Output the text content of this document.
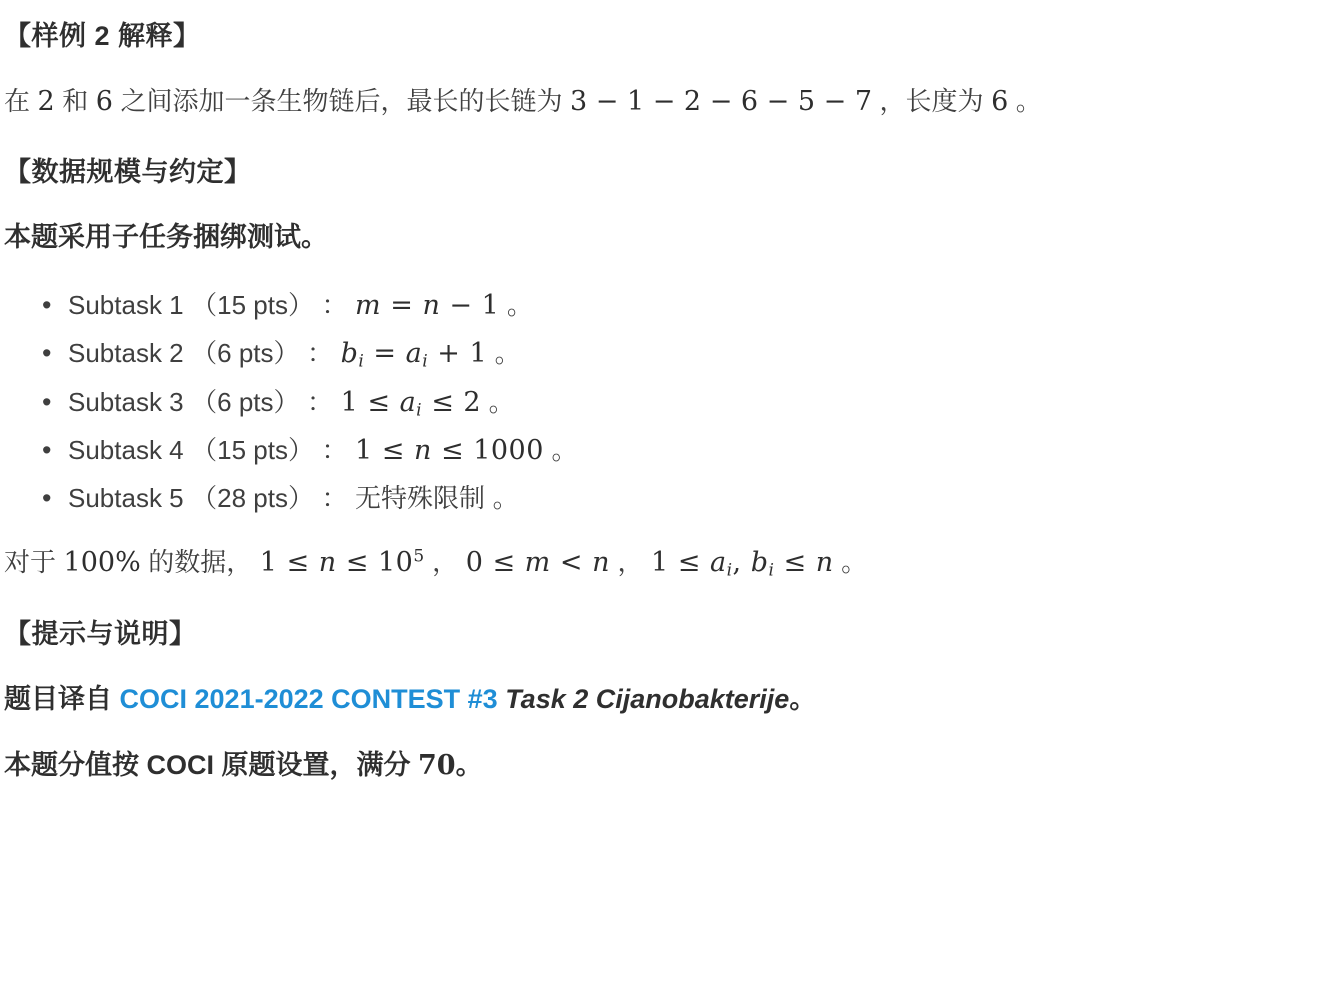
【样例 2 解释】

在 2 和 6 之间添加一条生物链后，最长的长链为 3 − 1 − 2 − 6 − 5 − 7 ，长度为 6 。

【数据规模与约定】

本题采用子任务捆绑测试。

• Subtask 1 （15 pts） ： m = n − 1 。
• Subtask 2 （6 pts） ： $b_i = a_i + 1$ 。
• Subtask 3 （6 pts） ： $1 \le a_i \le 2$ 。
• Subtask 4 （15 pts） ： 1 ≤ n ≤ 1000 。
• Subtask 5 （28 pts） ： 无特殊限制 。

对于 100% 的数据， $1 \le n \le 10^5$ ， 0 ≤ m < n ， $1 \le a_i$, $b_i \le n$ 。

【提示与说明】

题目译自 COCI 2021-2022 CONTEST #3 Task 2 Cijanobakterije。

本题分值按 COCI 原题设置，满分 70。
